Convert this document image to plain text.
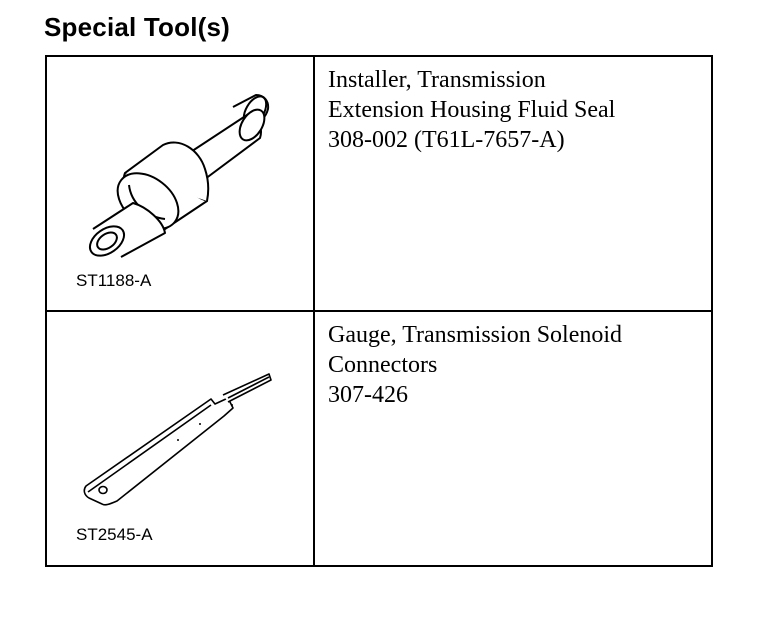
Special Tool(s)
ST1188-A
Installer, Transmission
Extension Housing Fluid Seal
308-002 (T61L-7657-A)
ST2545-A
Gauge, Transmission Solenoid
Connectors
307-426
